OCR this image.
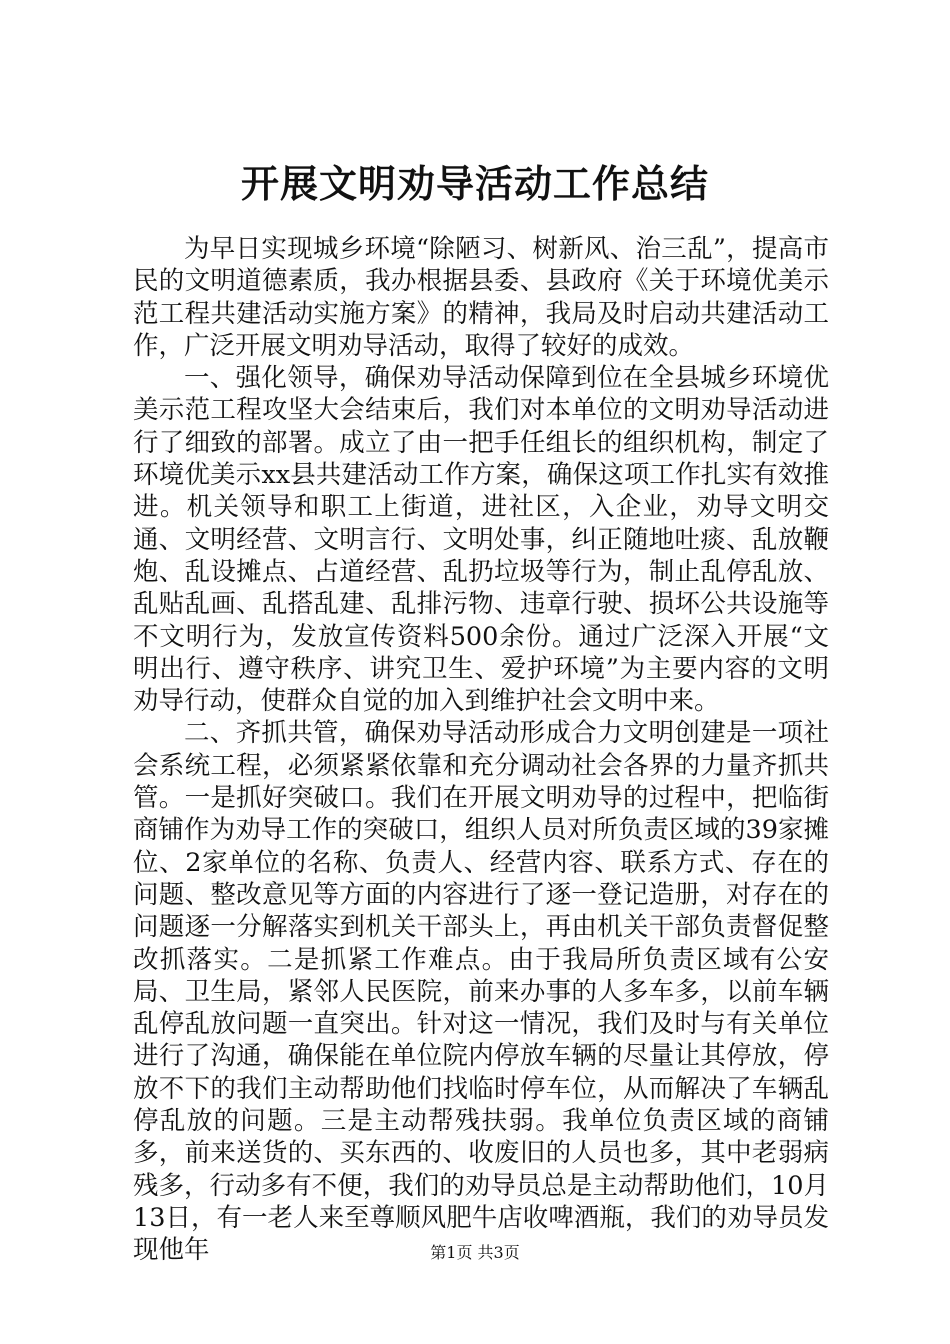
开展文明劝导活动工作总结

为早日实现城乡环境“除陋习、树新风、治三乱”，提高市民的文明道德素质，我办根据县委、县政府《关于环境优美示范工程共建活动实施方案》的精神，我局及时启动共建活动工作，广泛开展文明劝导活动，取得了较好的成效。

一、强化领导，确保劝导活动保障到位在全县城乡环境优美示范工程攻坚大会结束后，我们对本单位的文明劝导活动进行了细致的部署。成立了由一把手任组长的组织机构，制定了环境优美示xx县共建活动工作方案，确保这项工作扎实有效推进。机关领导和职工上街道，进社区，入企业，劝导文明交通、文明经营、文明言行、文明处事，纠正随地吐痰、乱放鞭炮、乱设摊点、占道经营、乱扔垃圾等行为，制止乱停乱放、乱贴乱画、乱搭乱建、乱排污物、违章行驶、损坏公共设施等不文明行为，发放宣传资料500余份。通过广泛深入开展“文明出行、遵守秩序、讲究卫生、爱护环境”为主要内容的文明劝导行动，使群众自觉的加入到维护社会文明中来。

二、齐抓共管，确保劝导活动形成合力文明创建是一项社会系统工程，必须紧紧依靠和充分调动社会各界的力量齐抓共管。一是抓好突破口。我们在开展文明劝导的过程中，把临街商铺作为劝导工作的突破口，组织人员对所负责区域的39家摊位、2家单位的名称、负责人、经营内容、联系方式、存在的问题、整改意见等方面的内容进行了逐一登记造册，对存在的问题逐一分解落实到机关干部头上，再由机关干部负责督促整改抓落实。二是抓紧工作难点。由于我局所负责区域有公安局、卫生局，紧邻人民医院，前来办事的人多车多，以前车辆乱停乱放问题一直突出。针对这一情况，我们及时与有关单位进行了沟通，确保能在单位院内停放车辆的尽量让其停放，停放不下的我们主动帮助他们找临时停车位，从而解决了车辆乱停乱放的问题。三是主动帮残扶弱。我单位负责区域的商铺多，前来送货的、买东西的、收废旧的人员也多，其中老弱病残多，行动多有不便，我们的劝导员总是主动帮助他们，10月13日，有一老人来至尊顺风肥牛店收啤酒瓶，我们的劝导员发现他年	第1页 共3页
